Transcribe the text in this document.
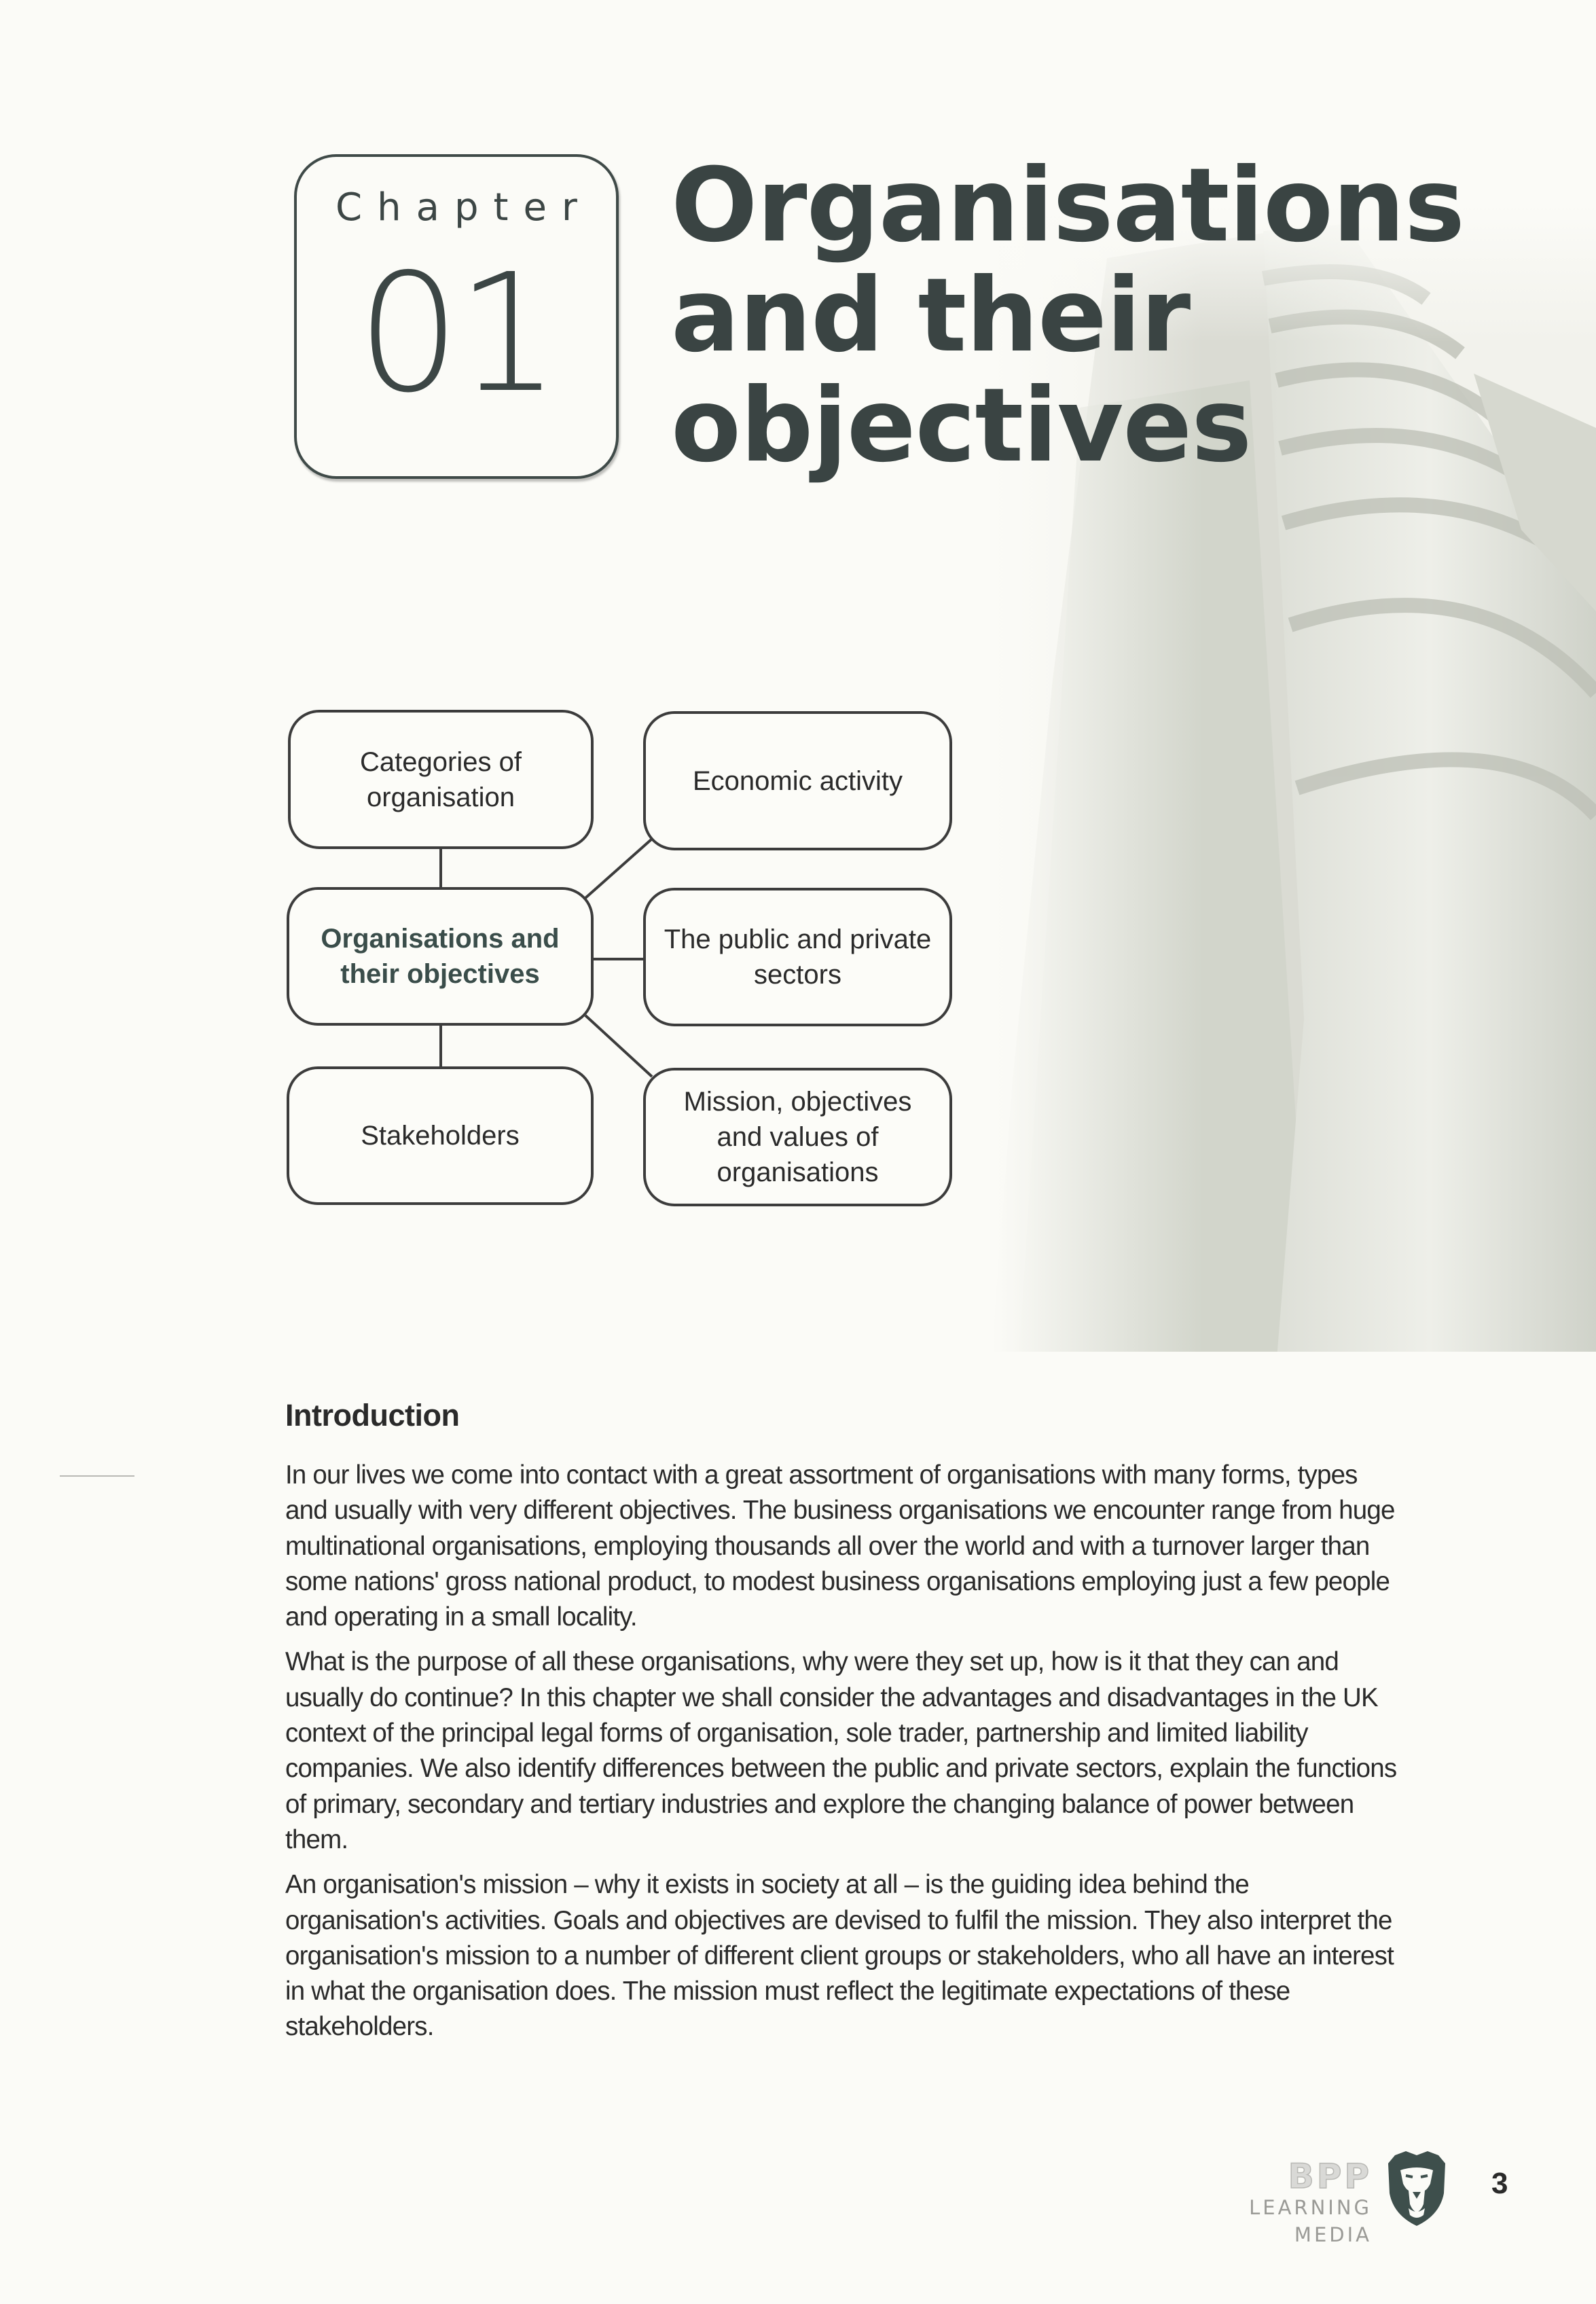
Chapter
01
Organisations
and their
objectives
Categories of organisation
Economic activity
Organisations and their objectives
The public and private sectors
Stakeholders
Mission, objectives and values of organisations
Introduction

In our lives we come into contact with a great assortment of organisations with many forms, types and usually with very different objectives. The business organisations we encounter range from huge multinational organisations, employing thousands all over the world and with a turnover larger than some nations' gross national product, to modest business organisations employing just a few people and operating in a small locality.

What is the purpose of all these organisations, why were they set up, how is it that they can and usually do continue? In this chapter we shall consider the advantages and disadvantages in the UK context of the principal legal forms of organisation, sole trader, partnership and limited liability companies. We also identify differences between the public and private sectors, explain the functions of primary, secondary and tertiary industries and explore the changing balance of power between them.

An organisation's mission – why it exists in society at all – is the guiding idea behind the organisation's activities. Goals and objectives are devised to fulfil the mission. They also interpret the organisation's mission to a number of different client groups or stakeholders, who all have an interest in what the organisation does. The mission must reflect the legitimate expectations of these stakeholders.

BPP
LEARNING MEDIA
3
